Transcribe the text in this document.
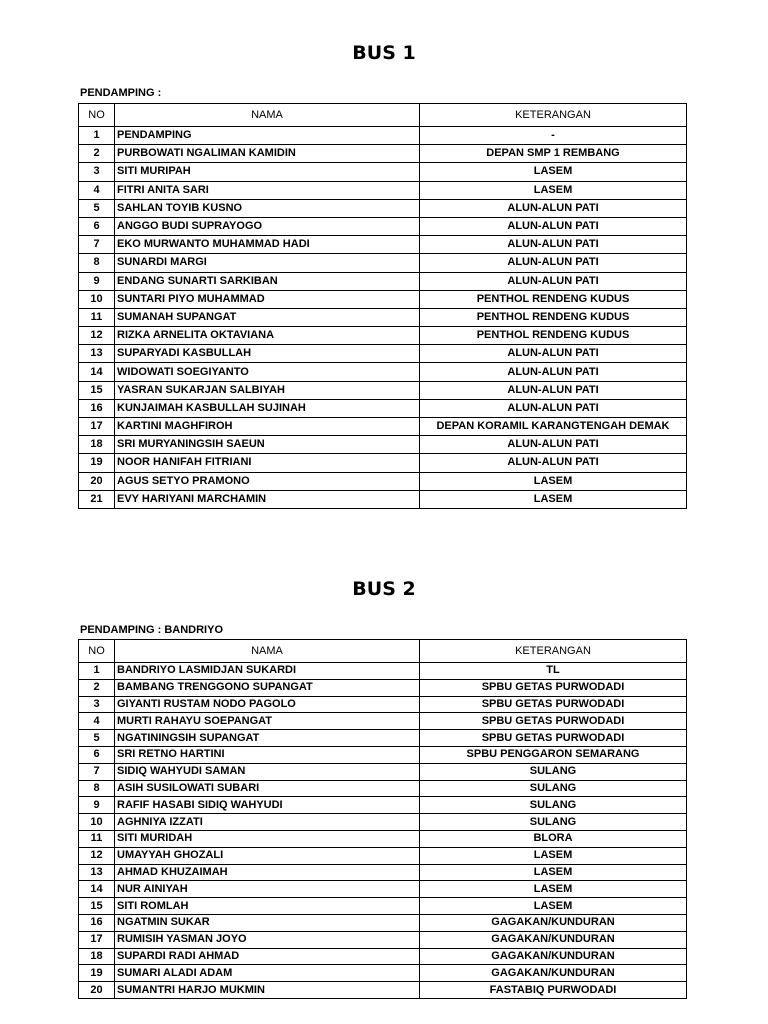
BUS 1
PENDAMPING :
NO	NAMA	KETERANGAN
1	PENDAMPING	-
2	PURBOWATI NGALIMAN KAMIDIN	DEPAN SMP 1 REMBANG
3	SITI MURIPAH	LASEM
4	FITRI ANITA SARI	LASEM
5	SAHLAN TOYIB KUSNO	ALUN-ALUN PATI
6	ANGGO BUDI SUPRAYOGO	ALUN-ALUN PATI
7	EKO MURWANTO MUHAMMAD HADI	ALUN-ALUN PATI
8	SUNARDI MARGI	ALUN-ALUN PATI
9	ENDANG SUNARTI SARKIBAN	ALUN-ALUN PATI
10	SUNTARI PIYO MUHAMMAD	PENTHOL RENDENG KUDUS
11	SUMANAH SUPANGAT	PENTHOL RENDENG KUDUS
12	RIZKA ARNELITA OKTAVIANA	PENTHOL RENDENG KUDUS
13	SUPARYADI KASBULLAH	ALUN-ALUN PATI
14	WIDOWATI SOEGIYANTO	ALUN-ALUN PATI
15	YASRAN SUKARJAN SALBIYAH	ALUN-ALUN PATI
16	KUNJAIMAH KASBULLAH SUJINAH	ALUN-ALUN PATI
17	KARTINI MAGHFIROH	DEPAN KORAMIL KARANGTENGAH DEMAK
18	SRI MURYANINGSIH SAEUN	ALUN-ALUN PATI
19	NOOR HANIFAH FITRIANI	ALUN-ALUN PATI
20	AGUS SETYO PRAMONO	LASEM
21	EVY HARIYANI MARCHAMIN	LASEM
BUS 2
PENDAMPING : BANDRIYO
NO	NAMA	KETERANGAN
1	BANDRIYO LASMIDJAN SUKARDI	TL
2	BAMBANG TRENGGONO SUPANGAT	SPBU GETAS PURWODADI
3	GIYANTI RUSTAM NODO PAGOLO	SPBU GETAS PURWODADI
4	MURTI RAHAYU SOEPANGAT	SPBU GETAS PURWODADI
5	NGATININGSIH SUPANGAT	SPBU GETAS PURWODADI
6	SRI RETNO HARTINI	SPBU PENGGARON SEMARANG
7	SIDIQ WAHYUDI SAMAN	SULANG
8	ASIH SUSILOWATI SUBARI	SULANG
9	RAFIF HASABI SIDIQ WAHYUDI	SULANG
10	AGHNIYA IZZATI	SULANG
11	SITI MURIDAH	BLORA
12	UMAYYAH GHOZALI	LASEM
13	AHMAD KHUZAIMAH	LASEM
14	NUR AINIYAH	LASEM
15	SITI ROMLAH	LASEM
16	NGATMIN SUKAR	GAGAKAN/KUNDURAN
17	RUMISIH YASMAN JOYO	GAGAKAN/KUNDURAN
18	SUPARDI RADI AHMAD	GAGAKAN/KUNDURAN
19	SUMARI ALADI ADAM	GAGAKAN/KUNDURAN
20	SUMANTRI HARJO MUKMIN	FASTABIQ PURWODADI
